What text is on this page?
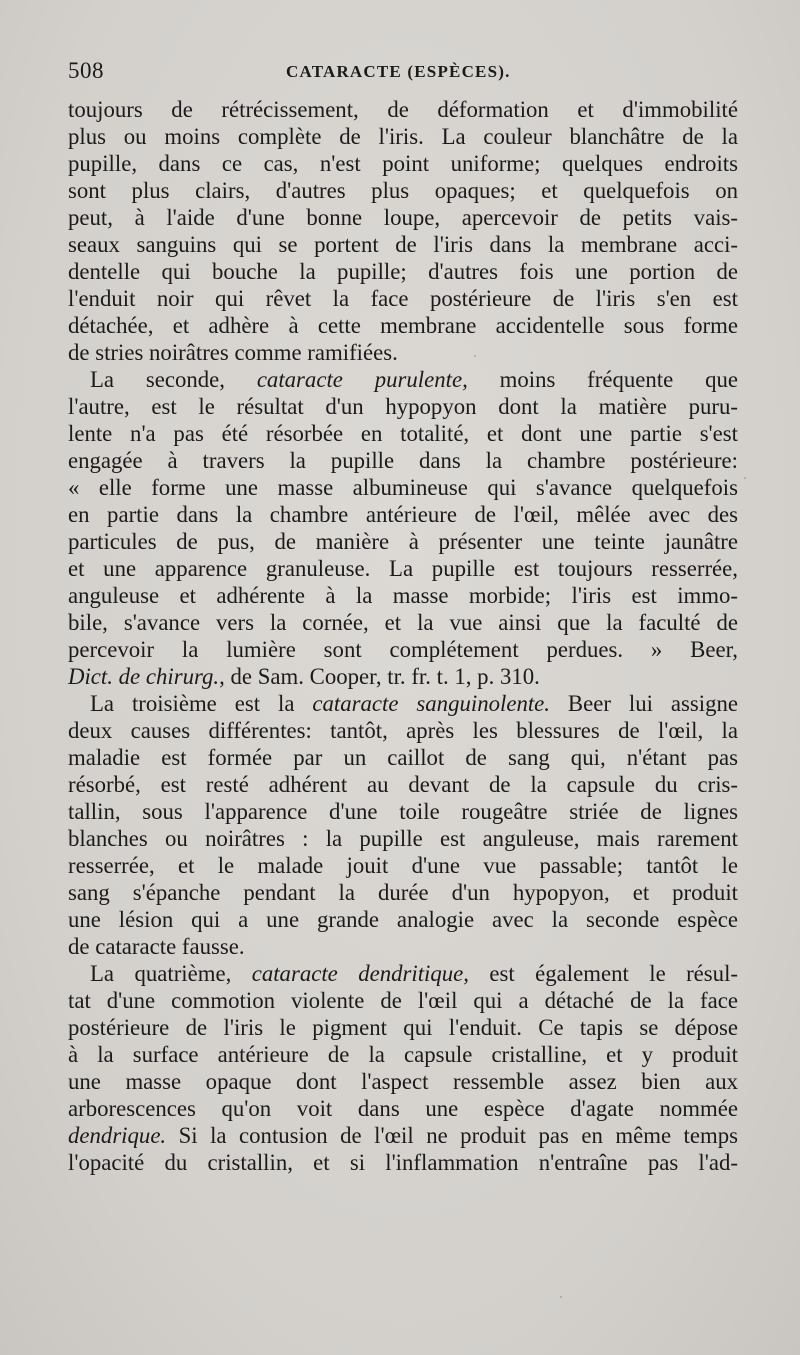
508	CATARACTE (ESPÈCES).
toujours de rétrécissement, de déformation et d'immobilité
plus ou moins complète de l'iris. La couleur blanchâtre de la
pupille, dans ce cas, n'est point uniforme; quelques endroits
sont plus clairs, d'autres plus opaques; et quelquefois on
peut, à l'aide d'une bonne loupe, apercevoir de petits vais-
seaux sanguins qui se portent de l'iris dans la membrane acci-
dentelle qui bouche la pupille; d'autres fois une portion de
l'enduit noir qui rêvet la face postérieure de l'iris s'en est
détachée, et adhère à cette membrane accidentelle sous forme
de stries noirâtres comme ramifiées.
La seconde, cataracte purulente, moins fréquente que
l'autre, est le résultat d'un hypopyon dont la matière puru-
lente n'a pas été résorbée en totalité, et dont une partie s'est
engagée à travers la pupille dans la chambre postérieure:
« elle forme une masse albumineuse qui s'avance quelquefois
en partie dans la chambre antérieure de l'œil, mêlée avec des
particules de pus, de manière à présenter une teinte jaunâtre
et une apparence granuleuse. La pupille est toujours resserrée,
anguleuse et adhérente à la masse morbide; l'iris est immo-
bile, s'avance vers la cornée, et la vue ainsi que la faculté de
percevoir la lumière sont complétement perdues. » Beer,
Dict. de chirurg., de Sam. Cooper, tr. fr. t. 1, p. 310.
La troisième est la cataracte sanguinolente. Beer lui assigne
deux causes différentes: tantôt, après les blessures de l'œil, la
maladie est formée par un caillot de sang qui, n'étant pas
résorbé, est resté adhérent au devant de la capsule du cris-
tallin, sous l'apparence d'une toile rougeâtre striée de lignes
blanches ou noirâtres : la pupille est anguleuse, mais rarement
resserrée, et le malade jouit d'une vue passable; tantôt le
sang s'épanche pendant la durée d'un hypopyon, et produit
une lésion qui a une grande analogie avec la seconde espèce
de cataracte fausse.
La quatrième, cataracte dendritique, est également le résul-
tat d'une commotion violente de l'œil qui a détaché de la face
postérieure de l'iris le pigment qui l'enduit. Ce tapis se dépose
à la surface antérieure de la capsule cristalline, et y produit
une masse opaque dont l'aspect ressemble assez bien aux
arborescences qu'on voit dans une espèce d'agate nommée
dendrique. Si la contusion de l'œil ne produit pas en même temps
l'opacité du cristallin, et si l'inflammation n'entraîne pas l'ad-
